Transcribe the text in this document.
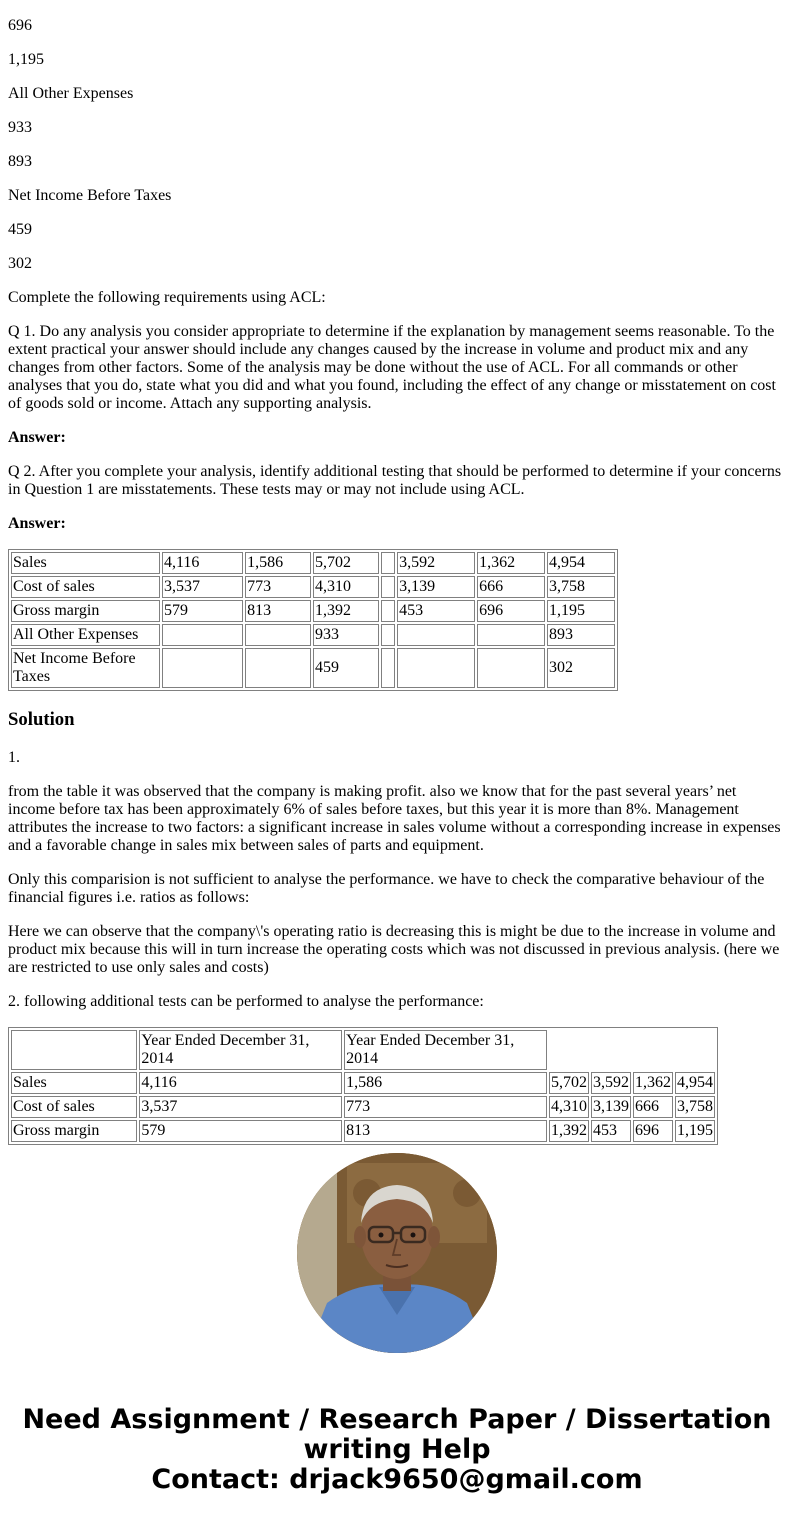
696

1,195

All Other Expenses

933

893

Net Income Before Taxes

459

302

Complete the following requirements using ACL:

Q 1. Do any analysis you consider appropriate to determine if the explanation by management seems reasonable. To the extent practical your answer should include any changes caused by the increase in volume and product mix and any changes from other factors. Some of the analysis may be done without the use of ACL. For all commands or other analyses that you do, state what you did and what you found, including the effect of any change or misstatement on cost of goods sold or income. Attach any supporting analysis.

Answer:

Q 2. After you complete your analysis, identify additional testing that should be performed to determine if your concerns in Question 1 are misstatements. These tests may or may not include using ACL.

Answer:

Sales	4,116	1,586	5,702		3,592	1,362	4,954
Cost of sales	3,537	773	4,310		3,139	666	3,758
Gross margin	579	813	1,392		453	696	1,195
All Other Expenses			933				893
Net Income Before Taxes			459				302
Solution

1.

from the table it was observed that the company is making profit. also we know that for the past several years’ net income before tax has been approximately 6% of sales before taxes, but this year it is more than 8%. Management attributes the increase to two factors: a significant increase in sales volume without a corresponding increase in expenses and a favorable change in sales mix between sales of parts and equipment.

Only this comparision is not sufficient to analyse the performance. we have to check the comparative behaviour of the financial figures i.e. ratios as follows:

Here we can observe that the company\'s operating ratio is decreasing this is might be due to the increase in volume and product mix because this will in turn increase the operating costs which was not discussed in previous analysis. (here we are restricted to use only sales and costs)

2. following additional tests can be performed to analyse the performance:

	Year Ended December 31, 2014	Year Ended December 31, 2014				
Sales	4,116	1,586	5,702	3,592	1,362	4,954
Cost of sales	3,537	773	4,310	3,139	666	3,758
Gross margin	579	813	1,392	453	696	1,195
Need Assignment / Research Paper / Dissertation writing Help
Contact: drjack9650@gmail.com
